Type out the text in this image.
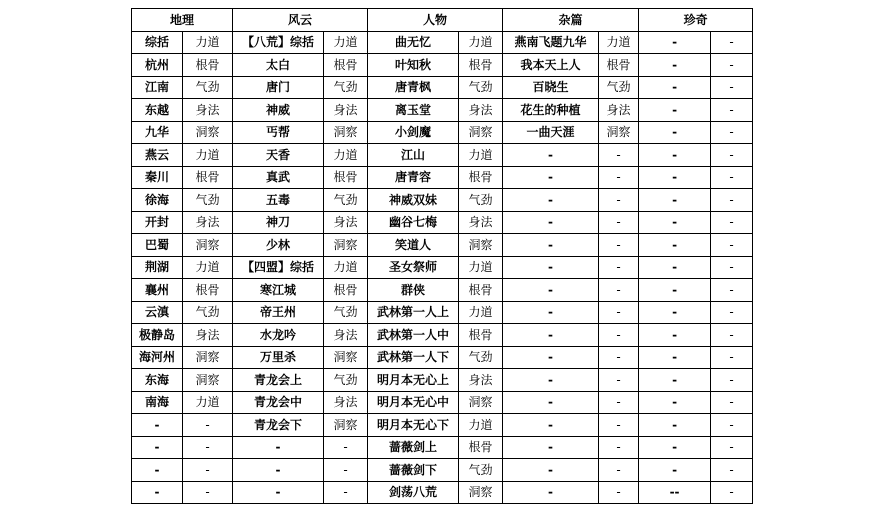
地理		风云		人物		杂篇		珍奇	
综括	力道	【八荒】综括	力道	曲无忆	力道	燕南飞题九华	力道	-	-
杭州	根骨	太白	根骨	叶知秋	根骨	我本天上人	根骨	-	-
江南	气劲	唐门	气劲	唐青枫	气劲	百晓生	气劲	-	-
东越	身法	神威	身法	离玉堂	身法	花生的种植	身法	-	-
九华	洞察	丐帮	洞察	小剑魔	洞察	一曲天涯	洞察	-	-
燕云	力道	天香	力道	江山	力道	-	-	-	-
秦川	根骨	真武	根骨	唐青容	根骨	-	-	-	-
徐海	气劲	五毒	气劲	神威双妹	气劲	-	-	-	-
开封	身法	神刀	身法	幽谷七梅	身法	-	-	-	-
巴蜀	洞察	少林	洞察	笑道人	洞察	-	-	-	-
荆湖	力道	【四盟】综括	力道	圣女祭师	力道	-	-	-	-
襄州	根骨	寒江城	根骨	群侠	根骨	-	-	-	-
云滇	气劲	帝王州	气劲	武林第一人上	力道	-	-	-	-
极静岛	身法	水龙吟	身法	武林第一人中	根骨	-	-	-	-
海河州	洞察	万里杀	洞察	武林第一人下	气劲	-	-	-	-
东海	洞察	青龙会上	气劲	明月本无心上	身法	-	-	-	-
南海	力道	青龙会中	身法	明月本无心中	洞察	-	-	-	-
-	-	青龙会下	洞察	明月本无心下	力道	-	-	-	-
-	-	-	-	蔷薇剑上	根骨	-	-	-	-
-	-	-	-	蔷薇剑下	气劲	-	-	-	-
-	-	-	-	剑荡八荒	洞察	-	-	--	-
